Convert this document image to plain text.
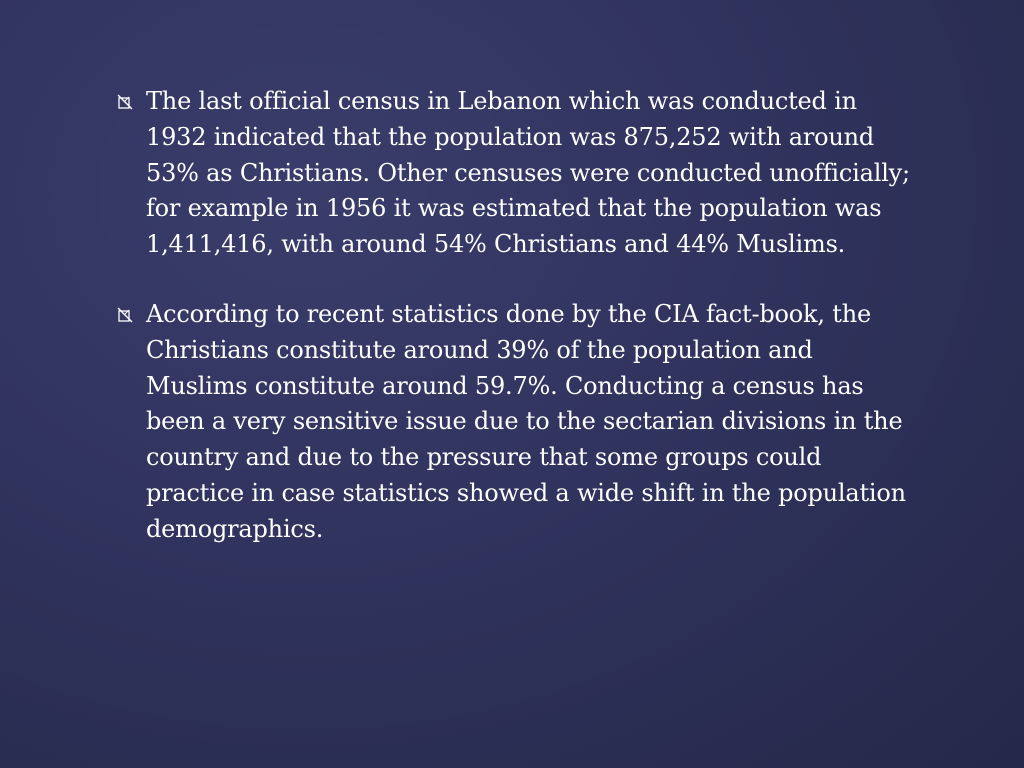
The last official census in Lebanon which was conducted in 1932 indicated that the population was 875,252 with around 53% as Christians. Other censuses were conducted unofficially; for example in 1956 it was estimated that the population was 1,411,416, with around 54% Christians and 44% Muslims.
According to recent statistics done by the CIA fact-book, the Christians constitute around 39% of the population and Muslims constitute around 59.7%. Conducting a census has been a very sensitive issue due to the sectarian divisions in the country and due to the pressure that some groups could practice in case statistics showed a wide shift in the population demographics.
